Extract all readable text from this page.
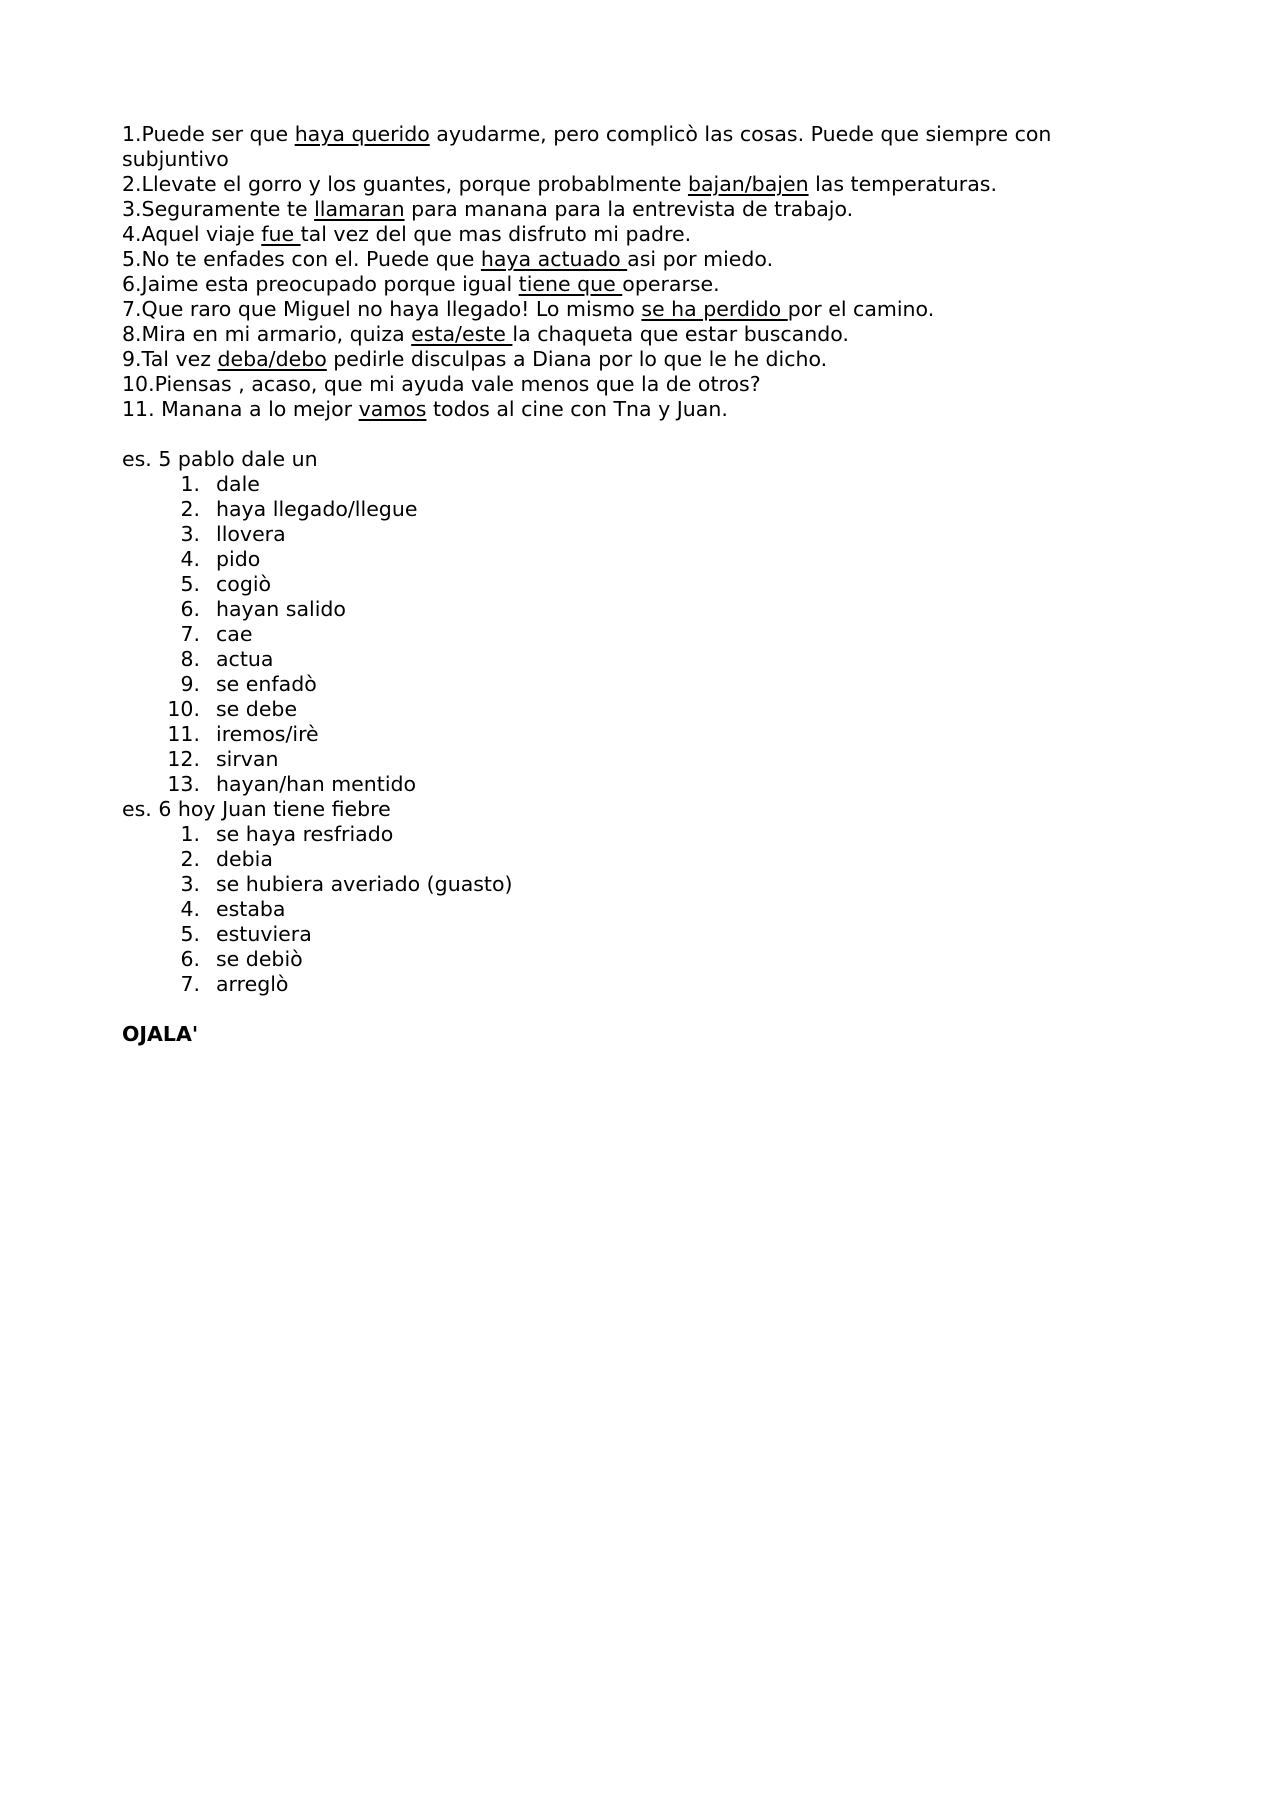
1.Puede ser que haya querido ayudarme, pero complicò las cosas. Puede que siempre con subjuntivo

2.Llevate el gorro y los guantes, porque probablmente bajan/bajen las temperaturas.

3.Seguramente te llamaran para manana para la entrevista de trabajo.

4.Aquel viaje fue tal vez del que mas disfruto mi padre.

5.No te enfades con el. Puede que haya actuado asi por miedo.

6.Jaime esta preocupado porque igual tiene que operarse.

7.Que raro que Miguel no haya llegado! Lo mismo se ha perdido por el camino.

8.Mira en mi armario, quiza esta/este la chaqueta que estar buscando.

9.Tal vez deba/debo pedirle disculpas a Diana por lo que le he dicho.

10.Piensas , acaso, que mi ayuda vale menos que la de otros?

11. Manana a lo mejor vamos todos al cine con Tna y Juan.

es. 5 pablo dale un

1. dale
2. haya llegado/llegue
3. llovera
4. pido
5. cogiò
6. hayan salido
7. cae
8. actua
9. se enfadò
10. se debe
11. iremos/irè
12. sirvan
13. hayan/han mentido

es. 6 hoy Juan tiene fiebre

1. se haya resfriado
2. debia
3. se hubiera averiado (guasto)
4. estaba
5. estuviera
6. se debiò
7. arreglò

OJALA'
